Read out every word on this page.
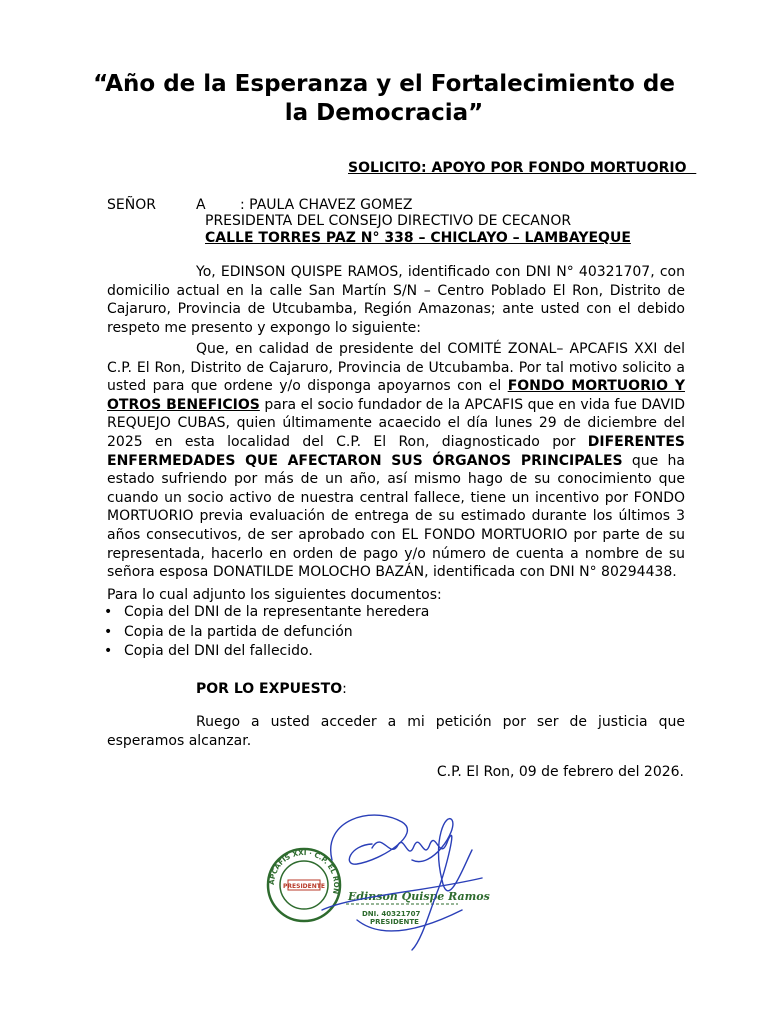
“Año de la Esperanza y el Fortalecimiento de
la Democracia”
SOLICITO: APOYO POR FONDO MORTUORIO
SEÑOR	A : PAULA CHAVEZ GOMEZ
PRESIDENTA DEL CONSEJO DIRECTIVO DE CECANOR
CALLE TORRES PAZ N° 338 – CHICLAYO – LAMBAYEQUE
Yo, EDINSON QUISPE RAMOS, identificado con DNI N° 40321707, con domicilio actual en la calle San Martín S/N – Centro Poblado El Ron, Distrito de Cajaruro, Provincia de Utcubamba, Región Amazonas; ante usted con el debido respeto me presento y expongo lo siguiente:
Que, en calidad de presidente del COMITÉ ZONAL– APCAFIS XXI del C.P. El Ron, Distrito de Cajaruro, Provincia de Utcubamba. Por tal motivo solicito a usted para que ordene y/o disponga apoyarnos con el FONDO MORTUORIO Y OTROS BENEFICIOS para el socio fundador de la APCAFIS que en vida fue DAVID REQUEJO CUBAS, quien últimamente acaecido el día lunes 29 de diciembre del 2025 en esta localidad del C.P. El Ron, diagnosticado por DIFERENTES ENFERMEDADES QUE AFECTARON SUS ÓRGANOS PRINCIPALES que ha estado sufriendo por más de un año, así mismo hago de su conocimiento que cuando un socio activo de nuestra central fallece, tiene un incentivo por FONDO MORTUORIO previa evaluación de entrega de su estimado durante los últimos 3 años consecutivos, de ser aprobado con EL FONDO MORTUORIO por parte de su representada, hacerlo en orden de pago y/o número de cuenta a nombre de su señora esposa DONATILDE MOLOCHO BAZÁN, identificada con DNI N° 80294438.
Para lo cual adjunto los siguientes documentos:
• Copia del DNI de la representante heredera
• Copia de la partida de defunción
• Copia del DNI del fallecido.
POR LO EXPUESTO:
Ruego a usted acceder a mi petición por ser de justicia que esperamos alcanzar.
C.P. El Ron, 09 de febrero del 2026.
APCAFIS XXI · C.P. EL RON
PRESIDENTE
Edinson Quispe Ramos
DNI. 40321707
PRESIDENTE
